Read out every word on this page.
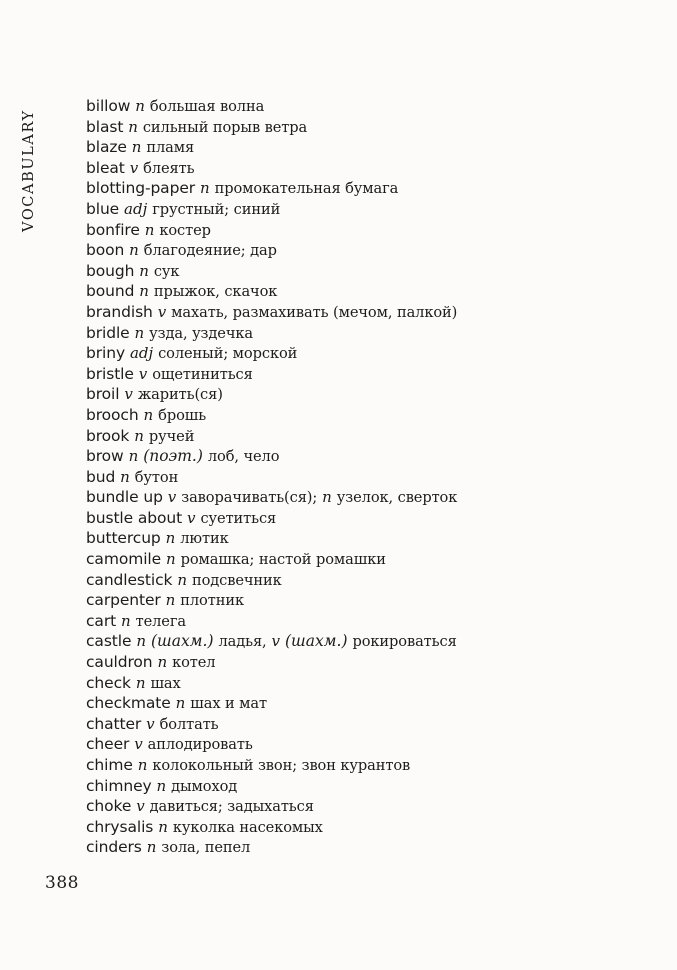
VOCABULARY
billow n большая волна
blast n сильный порыв ветра
blaze n пламя
bleat v блеять
blotting-paper n промокательная бумага
blue adj грустный; синий
bonfire n костер
boon n благодеяние; дар
bough n сук
bound n прыжок, скачок
brandish v махать, размахивать (мечом, палкой)
bridle n узда, уздечка
briny adj соленый; морской
bristle v ощетиниться
broil v жарить(ся)
brooch n брошь
brook n ручей
brow n (поэт.) лоб, чело
bud n бутон
bundle up v заворачивать(ся); n узелок, сверток
bustle about v суетиться
buttercup n лютик
camomile n ромашка; настой ромашки
candlestick n подсвечник
carpenter n плотник
cart n телега
castle n (шахм.) ладья, v (шахм.) рокироваться
cauldron n котел
check n шах
checkmate n шах и мат
chatter v болтать
cheer v аплодировать
chime n колокольный звон; звон курантов
chimney n дымоход
choke v давиться; задыхаться
chrysalis n куколка насекомых
cinders n зола, пепел
388
